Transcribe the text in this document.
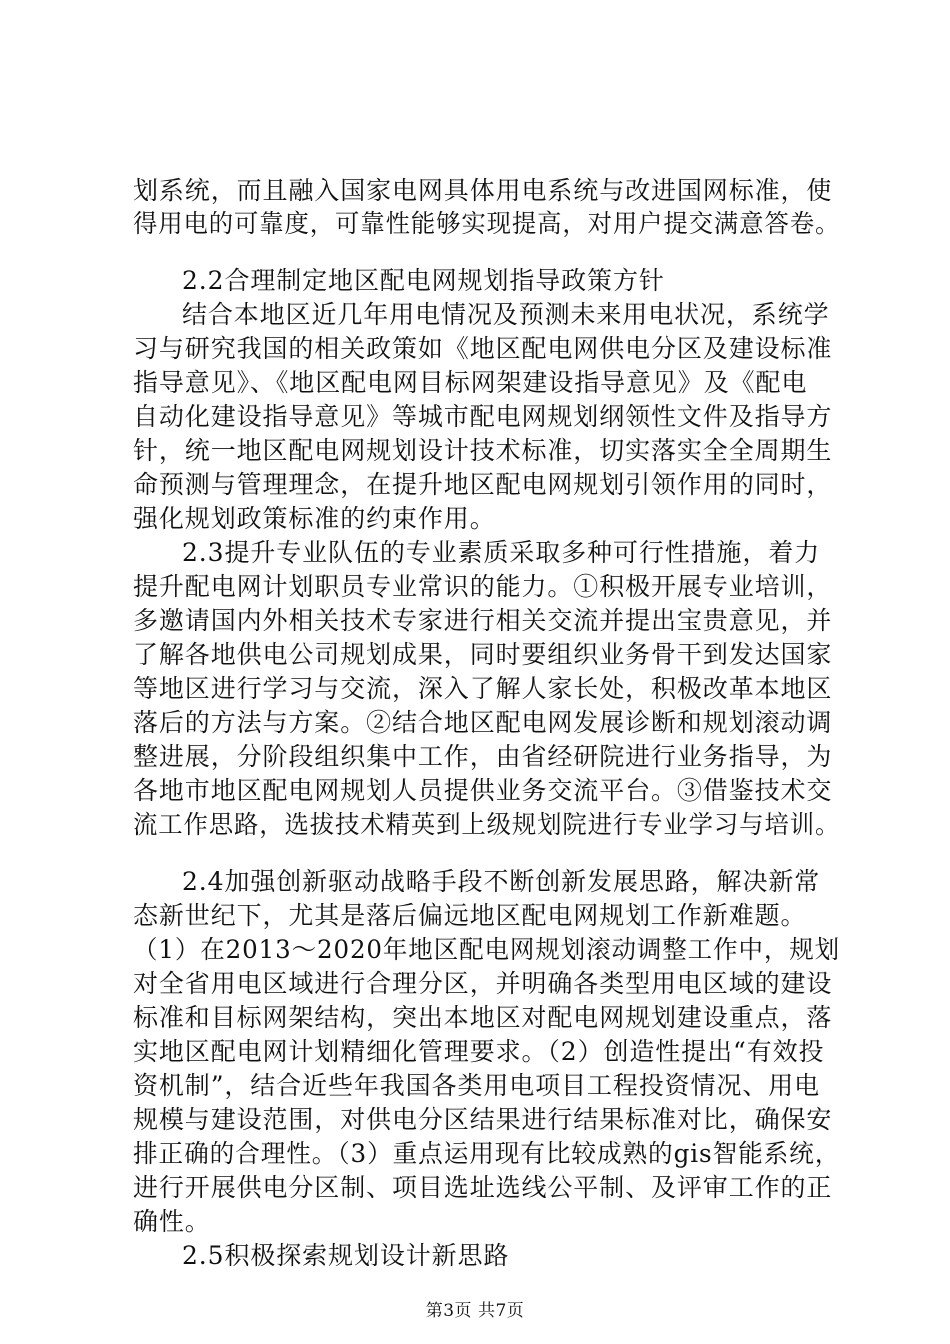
划系统，而且融入国家电网具体用电系统与改进国网标准，使
得用电的可靠度，可靠性能够实现提高，对用户提交满意答卷。
2.2合理制定地区配电网规划指导政策方针
结合本地区近几年用电情况及预测未来用电状况，系统学
习与研究我国的相关政策如《地区配电网供电分区及建设标准
指导意见》、《地区配电网目标网架建设指导意见》及《配电
自动化建设指导意见》等城市配电网规划纲领性文件及指导方
针，统一地区配电网规划设计技术标准，切实落实全全周期生
命预测与管理理念，在提升地区配电网规划引领作用的同时，
强化规划政策标准的约束作用。
2.3提升专业队伍的专业素质采取多种可行性措施，着力
提升配电网计划职员专业常识的能力。①积极开展专业培训，
多邀请国内外相关技术专家进行相关交流并提出宝贵意见，并
了解各地供电公司规划成果，同时要组织业务骨干到发达国家
等地区进行学习与交流，深入了解人家长处，积极改革本地区
落后的方法与方案。②结合地区配电网发展诊断和规划滚动调
整进展，分阶段组织集中工作，由省经研院进行业务指导，为
各地市地区配电网规划人员提供业务交流平台。③借鉴技术交
流工作思路，选拔技术精英到上级规划院进行专业学习与培训。
2.4加强创新驱动战略手段不断创新发展思路，解决新常
态新世纪下，尤其是落后偏远地区配电网规划工作新难题。
（1）在2013～2020年地区配电网规划滚动调整工作中，规划
对全省用电区域进行合理分区，并明确各类型用电区域的建设
标准和目标网架结构，突出本地区对配电网规划建设重点，落
实地区配电网计划精细化管理要求。（2）创造性提出“有效投
资机制”，结合近些年我国各类用电项目工程投资情况、用电
规模与建设范围，对供电分区结果进行结果标准对比，确保安
排正确的合理性。（3）重点运用现有比较成熟的gis智能系统，
进行开展供电分区制、项目选址选线公平制、及评审工作的正
确性。
2.5积极探索规划设计新思路
第3页 共7页
